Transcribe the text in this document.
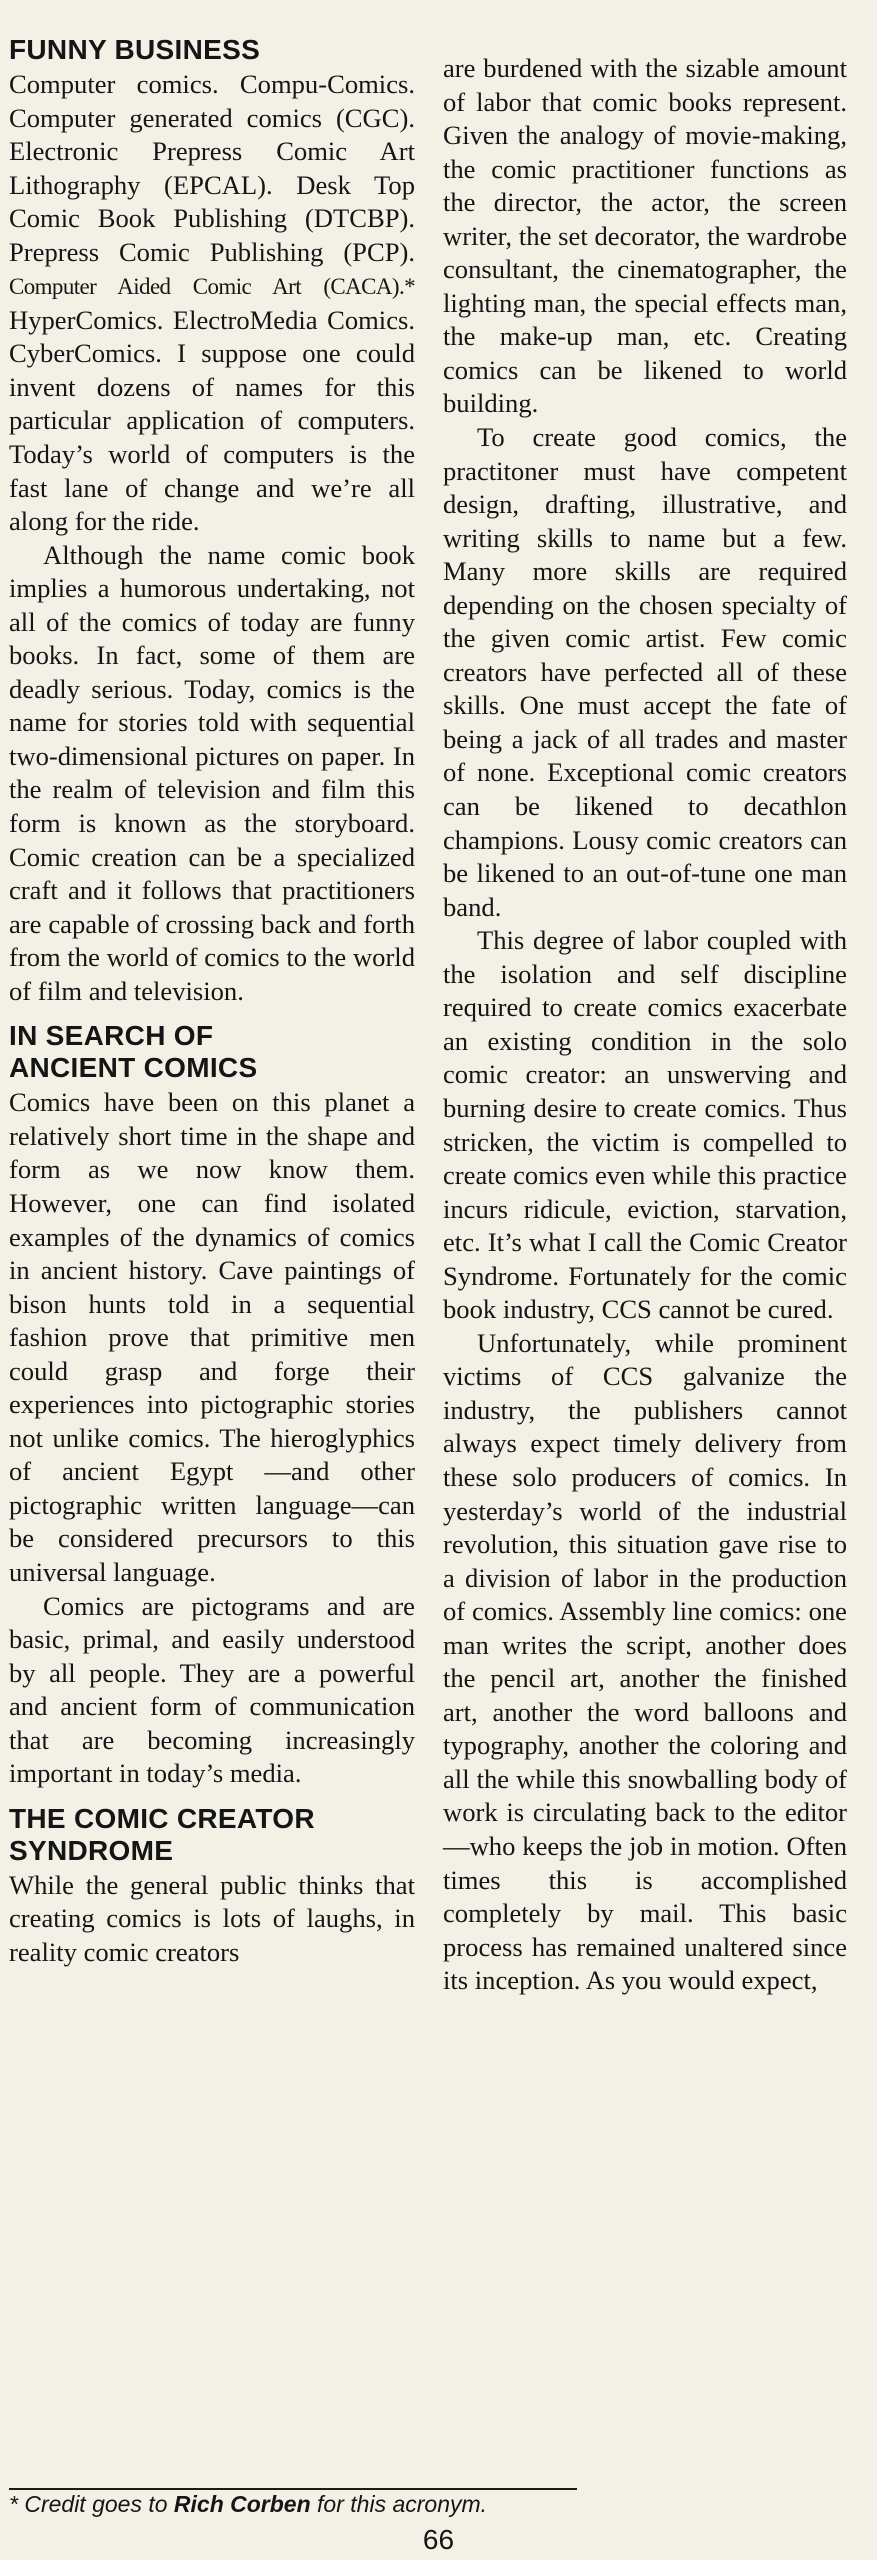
FUNNY BUSINESS

Computer comics. Compu-Comics. Computer generated comics (CGC). Electronic Prepress Comic Art Lithography (EPCAL). Desk Top Comic Book Publishing (DTCBP). Prepress Comic Publishing (PCP). Computer Aided Comic Art (CACA).* HyperComics. ElectroMedia Comics. CyberComics. I suppose one could invent dozens of names for this particular application of computers. Today’s world of computers is the fast lane of change and we’re all along for the ride.

Although the name comic book implies a humorous undertaking, not all of the comics of today are funny books. In fact, some of them are deadly serious. Today, comics is the name for stories told with sequential two-dimensional pictures on paper. In the realm of television and film this form is known as the storyboard. Comic creation can be a specialized craft and it follows that practitioners are capable of crossing back and forth from the world of comics to the world of film and television.

IN SEARCH OF
ANCIENT COMICS

Comics have been on this planet a relatively short time in the shape and form as we now know them. However, one can find isolated examples of the dynamics of comics in ancient history. Cave paintings of bison hunts told in a sequential fashion prove that primitive men could grasp and forge their experiences into pictographic stories not unlike comics. The hieroglyphics of ancient Egypt —and other pictographic written language—can be considered precursors to this universal language.

Comics are pictograms and are basic, primal, and easily understood by all people. They are a powerful and ancient form of communication that are becoming increasingly important in today’s media.

THE COMIC CREATOR
SYNDROME

While the general public thinks that creating comics is lots of laughs, in reality comic creators

are burdened with the sizable amount of labor that comic books represent. Given the analogy of movie-making, the comic practitioner functions as the director, the actor, the screen writer, the set decorator, the wardrobe consultant, the cinematographer, the lighting man, the special effects man, the make-up man, etc. Creating comics can be likened to world building.

To create good comics, the practitoner must have competent design, drafting, illustrative, and writing skills to name but a few. Many more skills are required depending on the chosen specialty of the given comic artist. Few comic creators have perfected all of these skills. One must accept the fate of being a jack of all trades and master of none. Exceptional comic creators can be likened to decathlon champions. Lousy comic creators can be likened to an out-of-tune one man band.

This degree of labor coupled with the isolation and self discipline required to create comics exacerbate an existing condition in the solo comic creator: an unswerving and burning desire to create comics. Thus stricken, the victim is compelled to create comics even while this practice incurs ridicule, eviction, starvation, etc. It’s what I call the Comic Creator Syndrome. Fortunately for the comic book industry, CCS cannot be cured.

Unfortunately, while prominent victims of CCS galvanize the industry, the publishers cannot always expect timely delivery from these solo producers of comics. In yesterday’s world of the industrial revolution, this situation gave rise to a division of labor in the production of comics. Assembly line comics: one man writes the script, another does the pencil art, another the finished art, another the word balloons and typography, another the coloring and all the while this snowballing body of work is circulating back to the editor—who keeps the job in motion. Often times this is accomplished completely by mail. This basic process has remained unaltered since its inception. As you would expect,

* Credit goes to Rich Corben for this acronym.
66
